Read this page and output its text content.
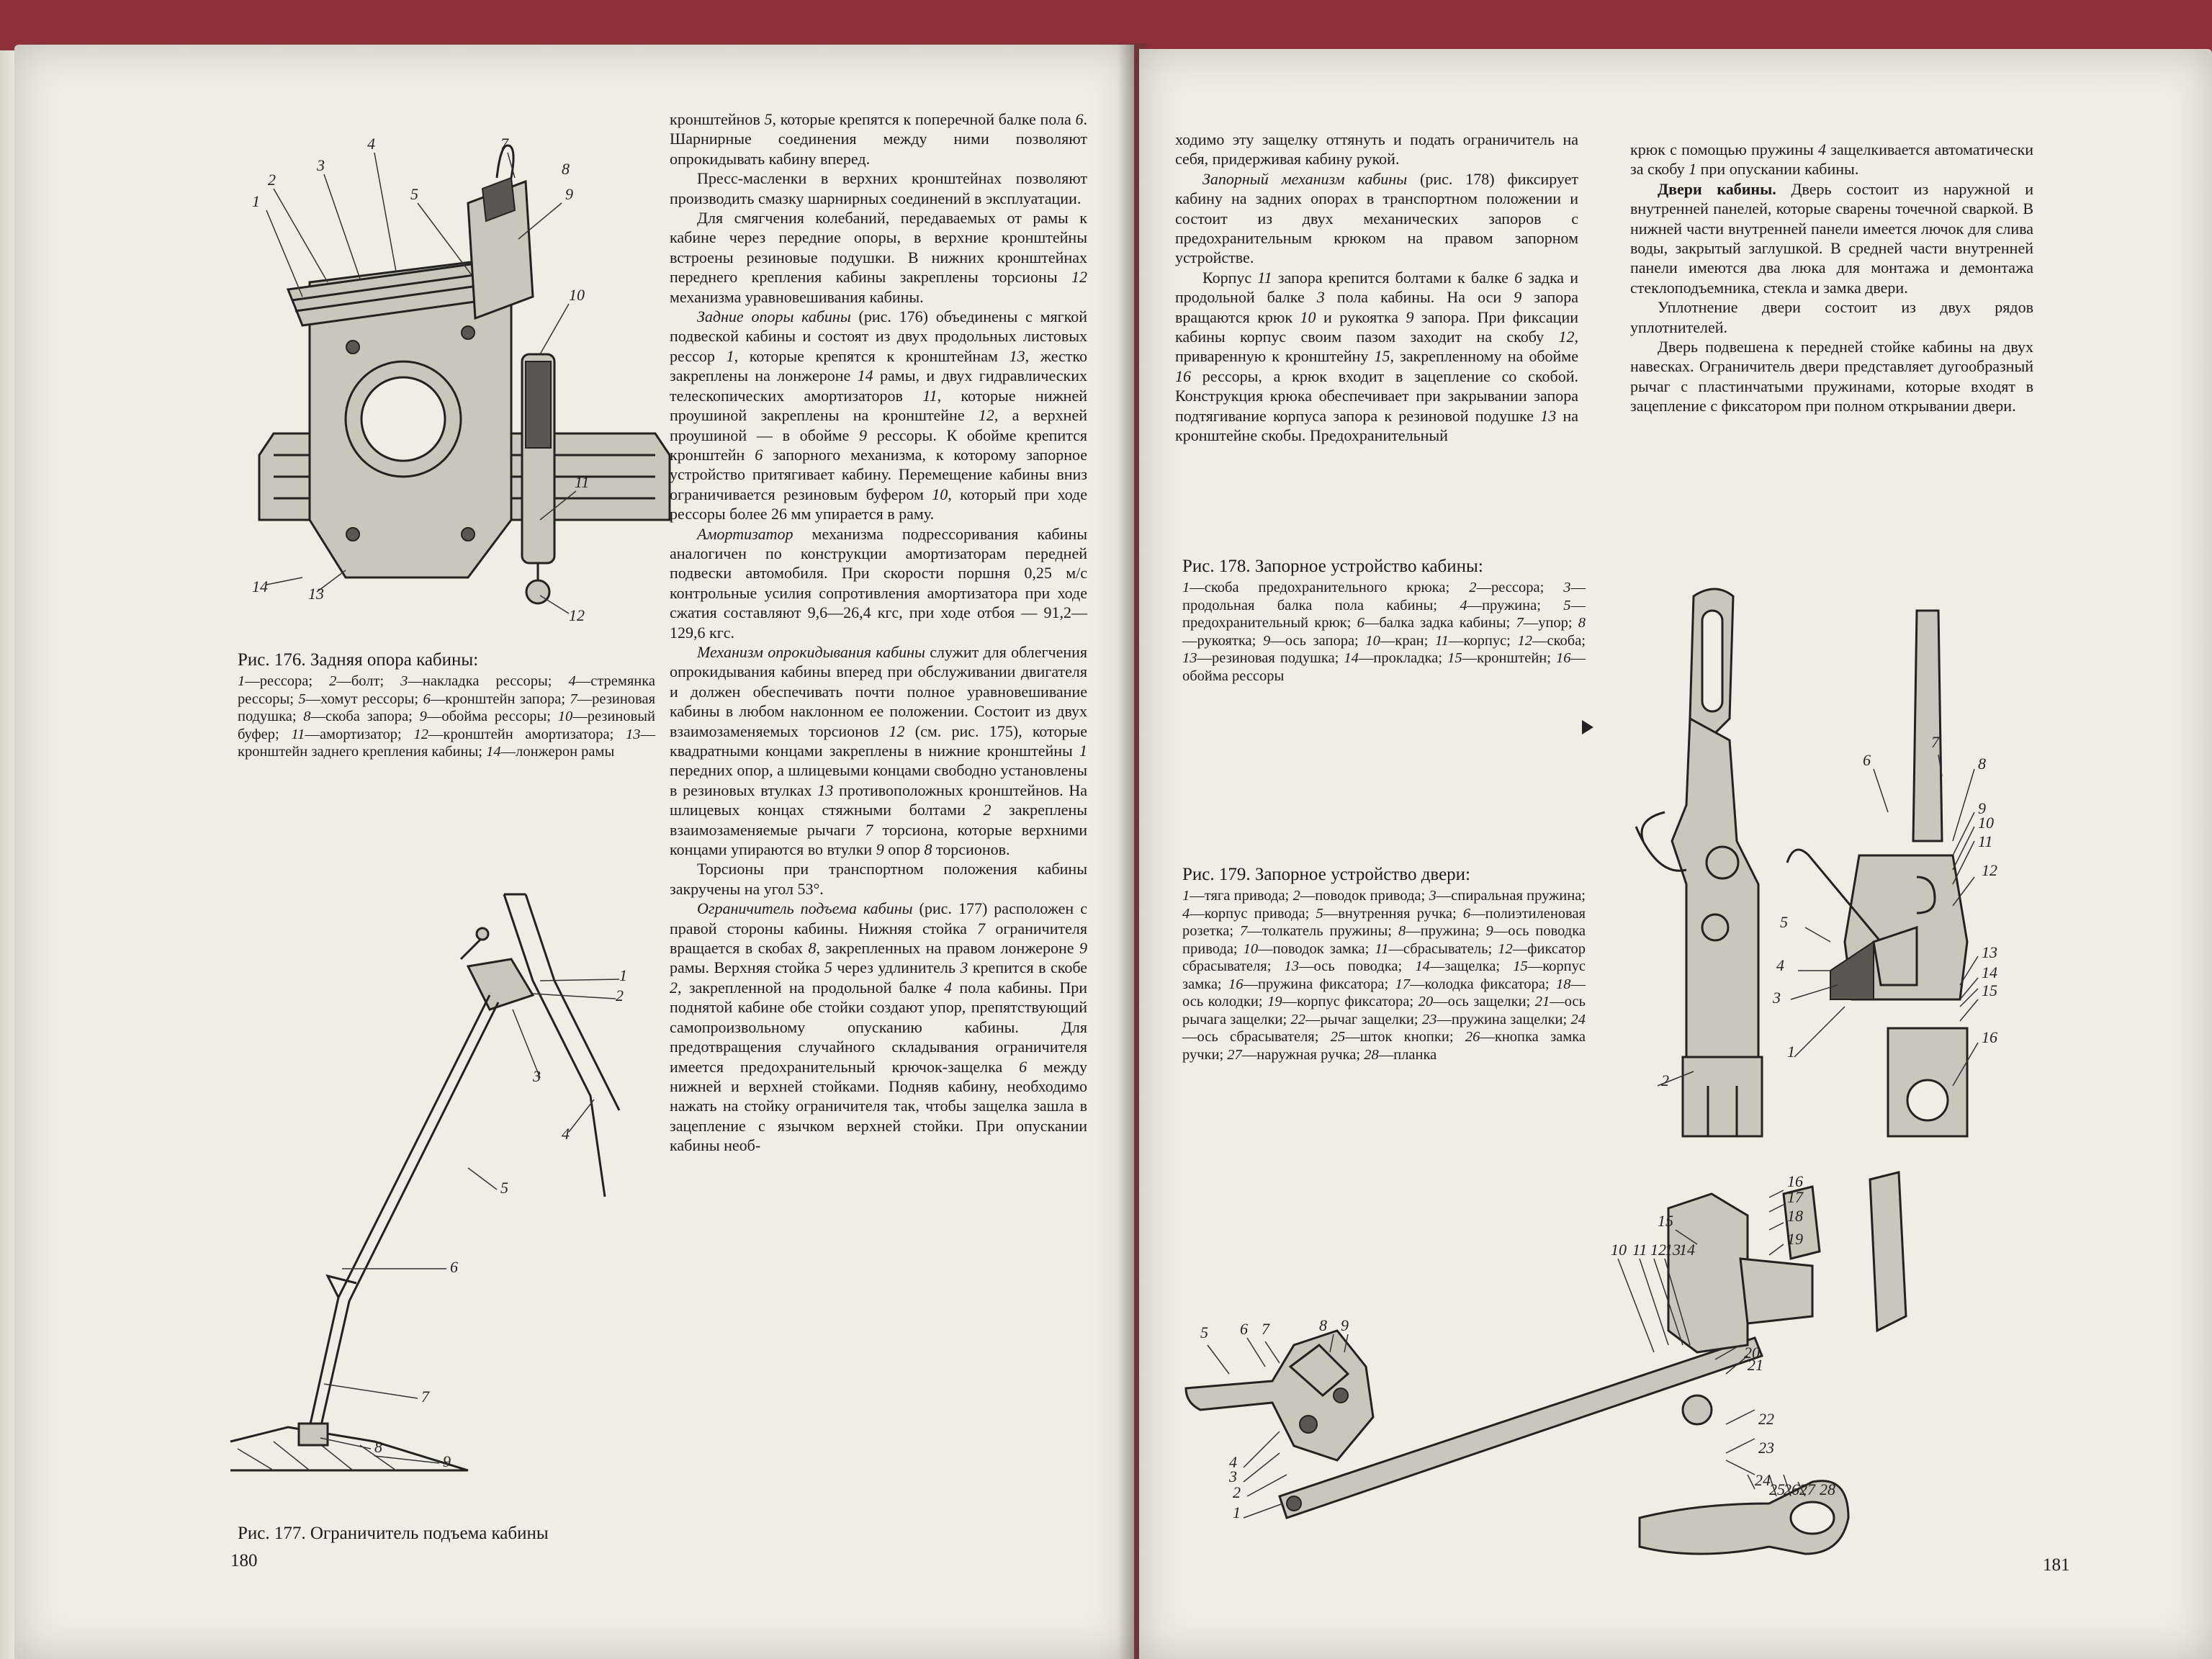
1
2
3
4
5
7
8
9
10
11
12
13
14
Рис. 176. Задняя опора кабины:
1—рессора; 2—болт; 3—накладка рессоры; 4—стремянка рессоры; 5—хомут рессоры; 6—кронштейн запора; 7—резиновая подушка; 8—скоба запора; 9—обойма рессоры; 10—резиновый буфер; 11—амортизатор; 12—кронштейн амортизатора; 13—кронштейн заднего крепления кабины; 14—лонжерон рамы
1
2
3
4
5
6
7
8
9
Рис. 177. Ограничитель подъема кабины
180

кронштейнов 5, которые крепятся к поперечной балке пола 6. Шарнирные соединения между ними позволяют опрокидывать кабину вперед.

Пресс-масленки в верхних кронштейнах позволяют производить смазку шарнирных соединений в эксплуатации.

Для смягчения колебаний, передаваемых от рамы к кабине через передние опоры, в верхние кронштейны встроены резиновые подушки. В нижних кронштейнах переднего крепления кабины закреплены торсионы 12 механизма уравновешивания кабины.

Задние опоры кабины (рис. 176) объединены с мягкой подвеской кабины и состоят из двух продольных листовых рессор 1, которые крепятся к кронштейнам 13, жестко закреплены на лонжероне 14 рамы, и двух гидравлических телескопических амортизаторов 11, которые нижней проушиной закреплены на кронштейне 12, а верхней проушиной — в обойме 9 рессоры. К обойме крепится кронштейн 6 запорного механизма, к которому запорное устройство притягивает кабину. Перемещение кабины вниз ограничивается резиновым буфером 10, который при ходе рессоры более 26 мм упирается в раму.

Амортизатор механизма подрессоривания кабины аналогичен по конструкции амортизаторам передней подвески автомобиля. При скорости поршня 0,25 м/с контрольные усилия сопротивления амортизатора при ходе сжатия составляют 9,6—26,4 кгс, при ходе отбоя — 91,2—129,6 кгс.

Механизм опрокидывания кабины служит для облегчения опрокидывания кабины вперед при обслуживании двигателя и должен обеспечивать почти полное уравновешивание кабины в любом наклонном ее положении. Состоит из двух взаимозаменяемых торсионов 12 (см. рис. 175), которые квадратными концами закреплены в нижние кронштейны 1 передних опор, а шлицевыми концами свободно установлены в резиновых втулках 13 противоположных кронштейнов. На шлицевых концах стяжными болтами 2 закреплены взаимозаменяемые рычаги 7 торсиона, которые верхними концами упираются во втулки 9 опор 8 торсионов.

Торсионы при транспортном положения кабины закручены на угол 53°.

Ограничитель подъема кабины (рис. 177) расположен с правой стороны кабины. Нижняя стойка 7 ограничителя вращается в скобах 8, закрепленных на правом лонжероне 9 рамы. Верхняя стойка 5 через удлинитель 3 крепится в скобе 2, закрепленной на продольной балке 4 пола кабины. При поднятой кабине обе стойки создают упор, препятствующий самопроизвольному опусканию кабины. Для предотвращения случайного складывания ограничителя имеется предохранительный крючок-защелка 6 между нижней и верхней стойками. Подняв кабину, необходимо нажать на стойку ограничителя так, чтобы защелка зашла в зацепление с язычком верхней стойки. При опускании кабины необ-

ходимо эту защелку оттянуть и подать ограничитель на себя, придерживая кабину рукой.

Запорный механизм кабины (рис. 178) фиксирует кабину на задних опорах в транспортном положении и состоит из двух механических запоров с предохранительным крюком на правом запорном устройстве.

Корпус 11 запора крепится болтами к балке 6 задка и продольной балке 3 пола кабины. На оси 9 запора вращаются крюк 10 и рукоятка 9 запора. При фиксации кабины корпус своим пазом заходит на скобу 12, приваренную к кронштейну 15, закрепленному на обойме 16 рессоры, а крюк входит в зацепление со скобой. Конструкция крюка обеспечивает при закрывании запора подтягивание корпуса запора к резиновой подушке 13 на кронштейне скобы. Предохранительный

крюк с помощью пружины 4 защелкивается автоматически за скобу 1 при опускании кабины.

Двери кабины. Дверь состоит из наружной и внутренней панелей, которые сварены точечной сваркой. В нижней части внутренней панели имеется лючок для слива воды, закрытый заглушкой. В средней части внутренней панели имеются два люка для монтажа и демонтажа стеклоподъемника, стекла и замка двери.

Уплотнение двери состоит из двух рядов уплотнителей.

Дверь подвешена к передней стойке кабины на двух навесках. Ограничитель двери представляет дугообразный рычаг с пластинчатыми пружинами, которые входят в зацепление с фиксатором при полном открывании двери.

Рис. 178. Запорное устройство кабины:
1—скоба предохранительного крюка; 2—рессора; 3—продольная балка пола кабины; 4—пружина; 5—предохранительный крюк; 6—балка задка кабины; 7—упор; 8—рукоятка; 9—ось запора; 10—кран; 11—корпус; 12—скоба; 13—резиновая подушка; 14—прокладка; 15—кронштейн; 16—обойма рессоры
Рис. 179. Запорное устройство двери:
1—тяга привода; 2—поводок привода; 3—спиральная пружина; 4—корпус привода; 5—внутренняя ручка; 6—полиэтиленовая розетка; 7—толкатель пружины; 8—пружина; 9—ось поводка привода; 10—поводок замка; 11—сбрасыватель; 12—фиксатор сбрасывателя; 13—ось поводка; 14—защелка; 15—корпус замка; 16—пружина фиксатора; 17—колодка фиксатора; 18—ось колодки; 19—корпус фиксатора; 20—ось защелки; 21—ось рычага защелки; 22—рычаг защелки; 23—пружина защелки; 24—ось сбрасывателя; 25—шток кнопки; 26—кнопка замка ручки; 27—наружная ручка; 28—планка
6
7
8
9
10
11
12
13
14
15
16
5
4
3
2
1
5 6 7	8 9
4
3
2
1
10 11 12
13
14
15
16
17
18
19
20
21
22
23
24
25
26 27 28
181
